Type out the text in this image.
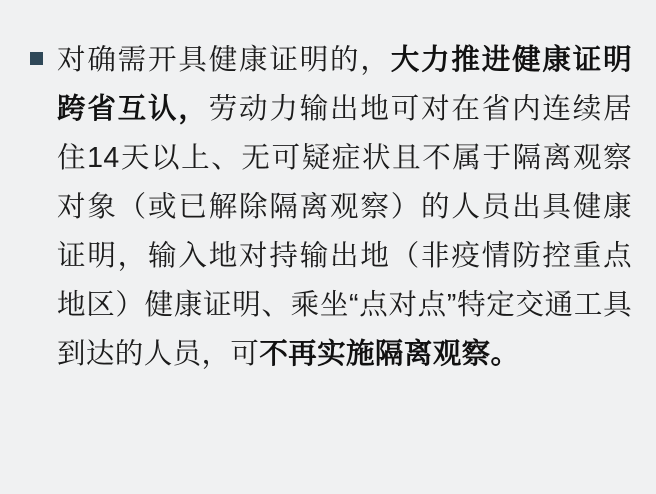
对确需开具健康证明的，大力推进健康证明跨省互认，劳动力输出地可对在省内连续居住14天以上、无可疑症状且不属于隔离观察对象（或已解除隔离观察）的人员出具健康证明，输入地对持输出地（非疫情防控重点地区）健康证明、乘坐“点对点”特定交通工具到达的人员，可不再实施隔离观察。
